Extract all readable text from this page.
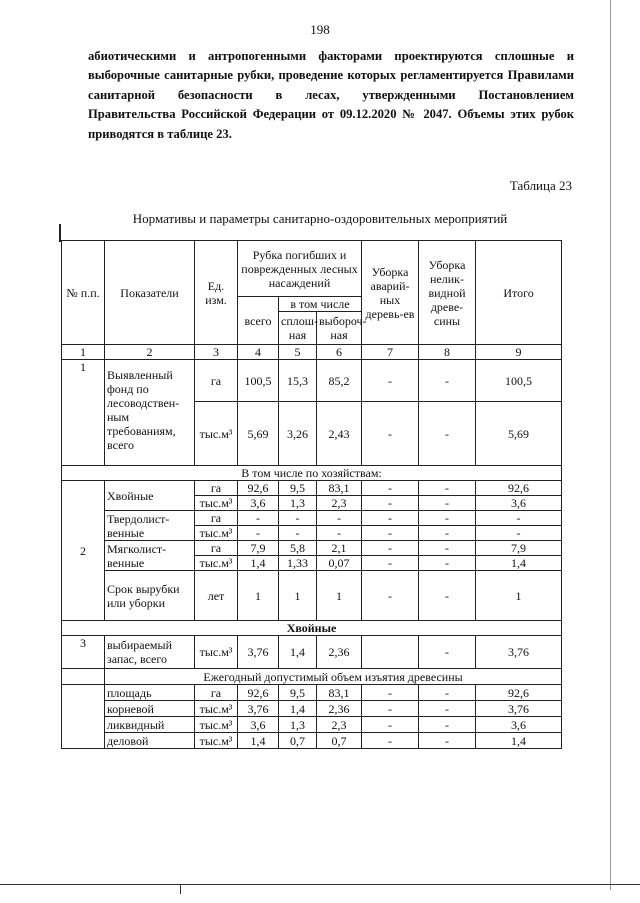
198
абиотическими и антропогенными факторами проектируются сплошные и
выборочные санитарные рубки, проведение которых регламентируется Правилами
санитарной безопасности в лесах, утвержденными Постановлением
Правительства Российской Федерации от 09.12.2020 № 2047. Объемы этих рубок
приводятся в таблице 23.
Таблица 23
Нормативы и параметры санитарно-оздоровительных мероприятий
№ п.п.	Показатели	Ед. изм.	Рубка погибших и поврежденных лесных насаждений			Уборка аварий-ных деревь-ев	Уборка нелик-видной древе-сины	Итого
			всего	в том числе				
				сплош-ная	выбороч-ная			
1	2	3	4	5	6	7	8	9
1	Выявленный фонд по лесоводствен-ным требованиям, всего	га	100,5	15,3	85,2	-	-	100,5
		тыс.м³	5,69	3,26	2,43	-	-	5,69
В том числе по хозяйствам:								
2	Хвойные	га	92,6	9,5	83,1	-	-	92,6
		тыс.м³	3,6	1,3	2,3	-	-	3,6
	Твердолист-венные	га	-	-	-	-	-	-
		тыс.м³	-	-	-	-	-	-
	Мягколист-венные	га	7,9	5,8	2,1	-	-	7,9
		тыс.м³	1,4	1,33	0,07	-	-	1,4
	Срок вырубки или уборки	лет	1	1	1	-	-	1
Хвойные								
3	выбираемый запас, всего	тыс.м³	3,76	1,4	2,36		-	3,76
	Ежегодный допустимый объем изъятия древесины							
	площадь	га	92,6	9,5	83,1	-	-	92,6
	корневой	тыс.м³	3,76	1,4	2,36	-	-	3,76
	ликвидный	тыс.м³	3,6	1,3	2,3	-	-	3,6
	деловой	тыс.м³	1,4	0,7	0,7	-	-	1,4
